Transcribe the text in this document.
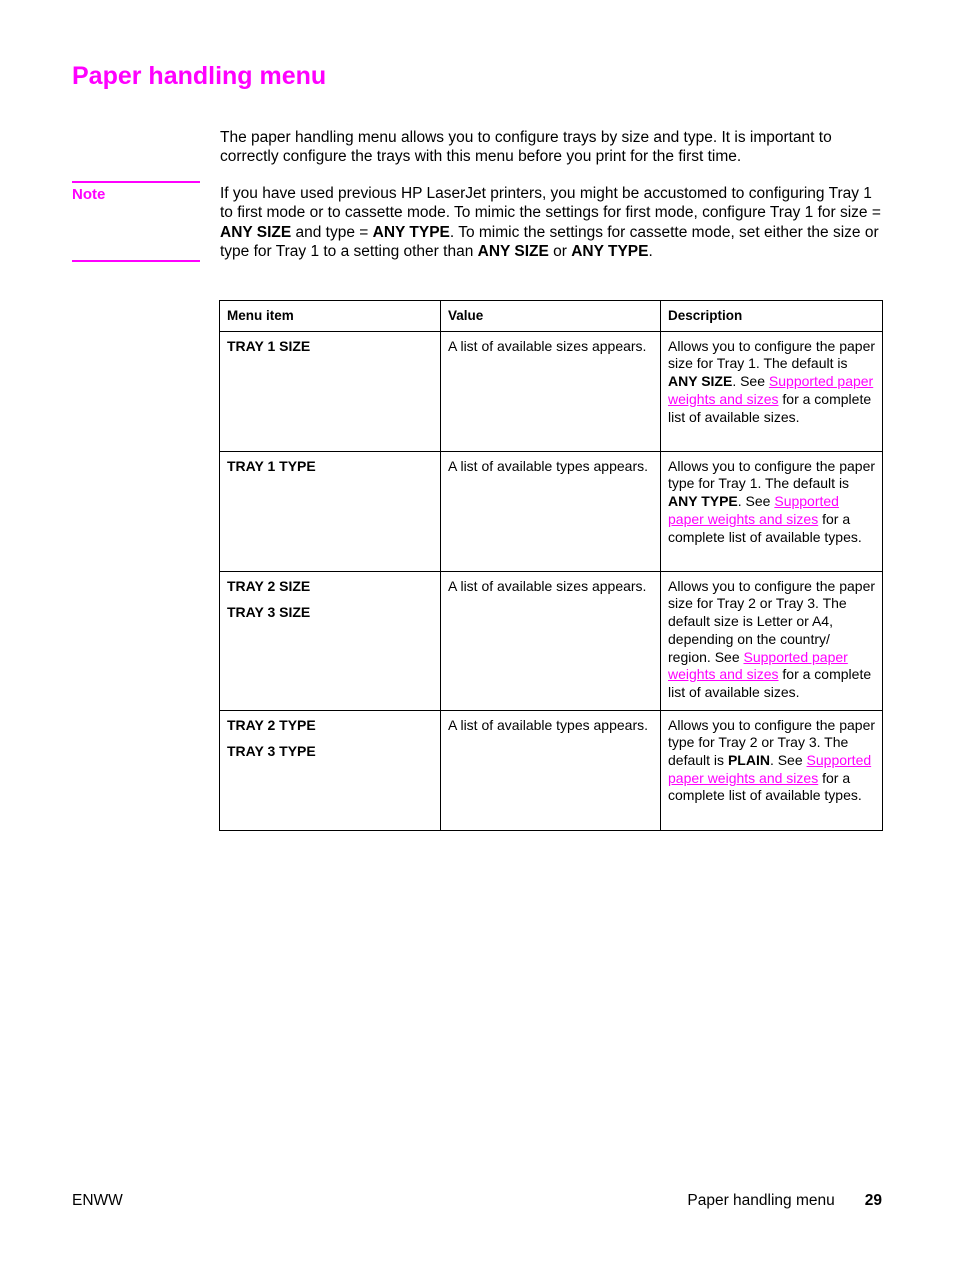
Paper handling menu

The paper handling menu allows you to configure trays by size and type. It is important to correctly configure the trays with this menu before you print for the first time.

Note	If you have used previous HP LaserJet printers, you might be accustomed to configuring Tray 1 to first mode or to cassette mode. To mimic the settings for first mode, configure Tray 1 for size = ANY SIZE and type = ANY TYPE. To mimic the settings for cassette mode, set either the size or type for Tray 1 to a setting other than ANY SIZE or ANY TYPE.

Menu item	Value	Description

TRAY 1 SIZE	A list of available sizes appears.	Allows you to configure the paper size for Tray 1. The default is ANY SIZE. See Supported paper weights and sizes for a complete list of available sizes.

TRAY 1 TYPE	A list of available types appears.	Allows you to configure the paper type for Tray 1. The default is ANY TYPE. See Supported paper weights and sizes for a complete list of available types.

TRAY 2 SIZE
TRAY 3 SIZE	A list of available sizes appears.	Allows you to configure the paper size for Tray 2 or Tray 3. The default size is Letter or A4, depending on the country/ region. See Supported paper weights and sizes for a complete list of available sizes.

TRAY 2 TYPE
TRAY 3 TYPE	A list of available types appears.	Allows you to configure the paper type for Tray 2 or Tray 3. The default is PLAIN. See Supported paper weights and sizes for a complete list of available types.
ENWW	Paper handling menu 29
